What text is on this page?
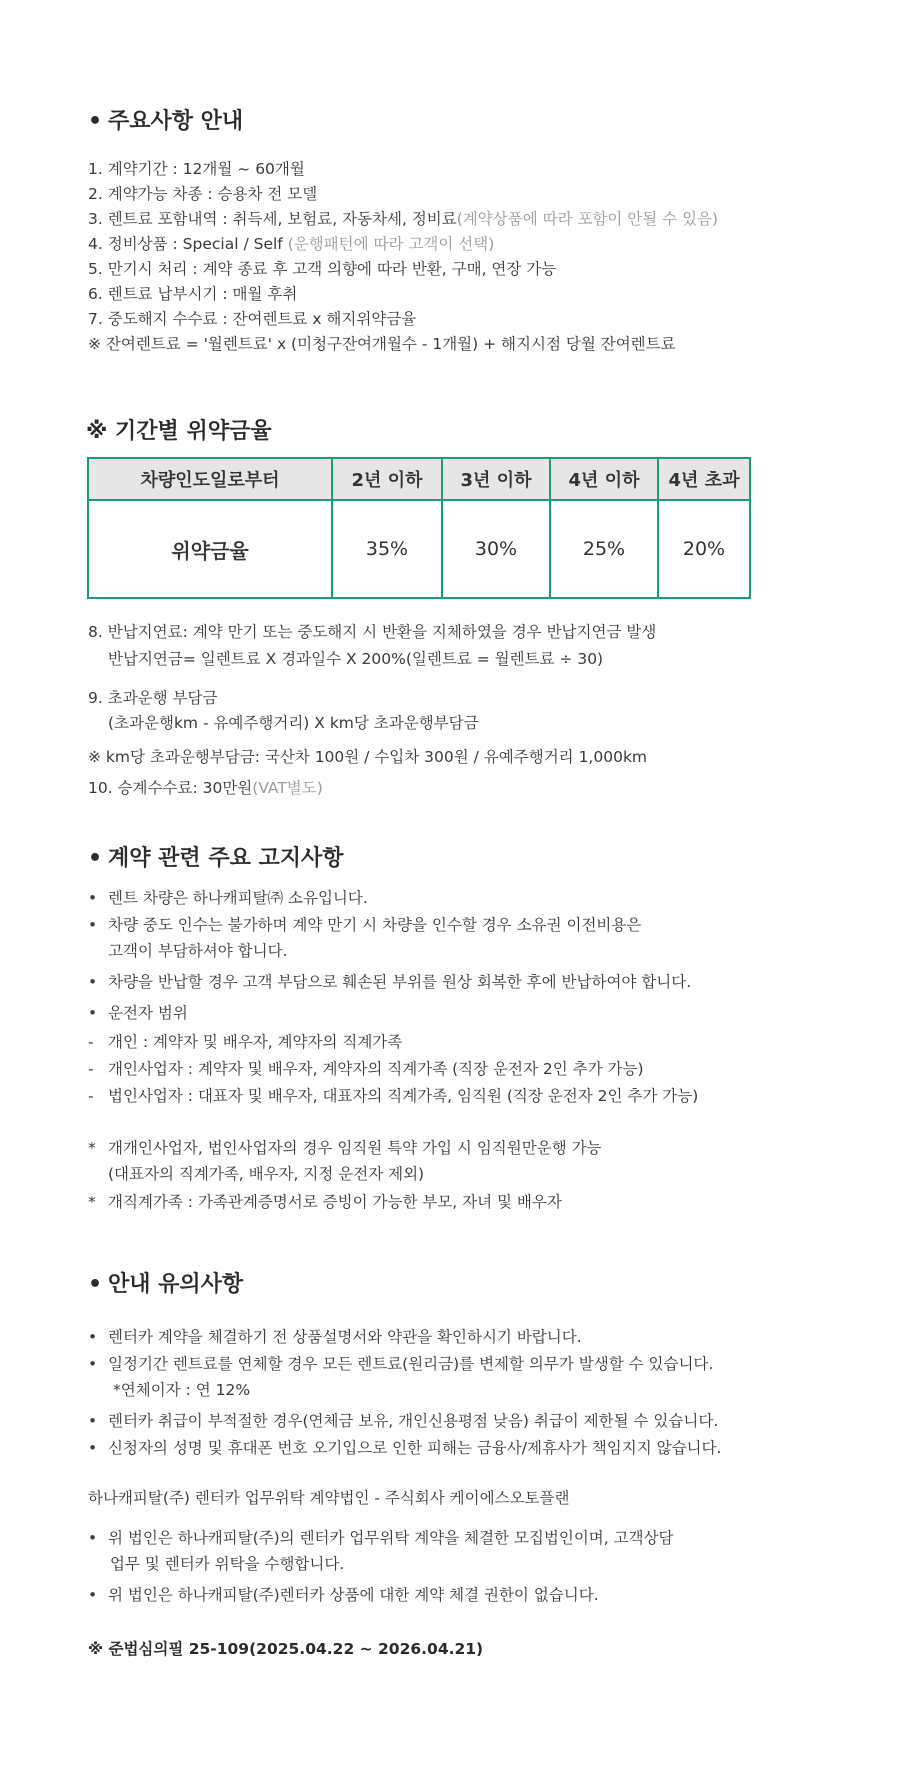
• 주요사항 안내
1. 계약기간 : 12개월 ~ 60개월
2. 계약가능 차종 : 승용차 전 모델
3. 렌트료 포함내역 : 취득세, 보험료, 자동차세, 정비료(계약상품에 따라 포함이 안될 수 있음)
4. 정비상품 : Special / Self (운행패턴에 따라 고객이 선택)
5. 만기시 처리 : 계약 종료 후 고객 의향에 따라 반환, 구매, 연장 가능
6. 렌트료 납부시기 : 매월 후취
7. 중도해지 수수료 : 잔여렌트료 x 해지위약금율
※ 잔여렌트료 = '월렌트료' x (미청구잔여개월수 - 1개월) + 해지시점 당월 잔여렌트료
※ 기간별 위약금율
차량인도일로부터	2년 이하	3년 이하	4년 이하	4년 초과
위약금율	35%	30%	25%	20%
8. 반납지연료: 계약 만기 또는 중도해지 시 반환을 지체하였을 경우 반납지연금 발생
반납지연금= 일렌트료 X 경과일수 X 200%(일렌트료 = 월렌트료 ÷ 30)
9. 초과운행 부담금
(초과운행km - 유예주행거리) X km당 초과운행부담금
※ km당 초과운행부담금: 국산차 100원 / 수입차 300원 / 유예주행거리 1,000km
10. 승계수수료: 30만원(VAT별도)
• 계약 관련 주요 고지사항
• 렌트 차량은 하나캐피탈㈜ 소유입니다.
• 차량 중도 인수는 불가하며 계약 만기 시 차량을 인수할 경우 소유권 이전비용은
고객이 부담하셔야 합니다.
• 차량을 반납할 경우 고객 부담으로 훼손된 부위를 원상 회복한 후에 반납하여야 합니다.
• 운전자 범위
- 개인 : 계약자 및 배우자, 계약자의 직계가족
- 개인사업자 : 계약자 및 배우자, 계약자의 직계가족 (직장 운전자 2인 추가 가능)
- 법인사업자 : 대표자 및 배우자, 대표자의 직계가족, 임직원 (직장 운전자 2인 추가 가능)
* 개개인사업자, 법인사업자의 경우 임직원 특약 가입 시 임직원만운행 가능
(대표자의 직계가족, 배우자, 지정 운전자 제외)
* 개직계가족 : 가족관계증명서로 증빙이 가능한 부모, 자녀 및 배우자
• 안내 유의사항
• 렌터카 계약을 체결하기 전 상품설명서와 약관을 확인하시기 바랍니다.
• 일정기간 렌트료를 연체할 경우 모든 렌트료(원리금)를 변제할 의무가 발생할 수 있습니다.
*연체이자 : 연 12%
• 렌터카 취급이 부적절한 경우(연체금 보유, 개인신용평점 낮음) 취급이 제한될 수 있습니다.
• 신청자의 성명 및 휴대폰 번호 오기입으로 인한 피해는 금융사/제휴사가 책임지지 않습니다.
하나캐피탈(주) 렌터카 업무위탁 계약법인 - 주식회사 케이에스오토플랜
• 위 법인은 하나캐피탈(주)의 렌터카 업무위탁 계약을 체결한 모집법인이며, 고객상담
업무 및 렌터카 위탁을 수행합니다.
• 위 법인은 하나캐피탈(주)렌터카 상품에 대한 계약 체결 권한이 없습니다.
※ 준법심의필 25-109(2025.04.22 ~ 2026.04.21)
